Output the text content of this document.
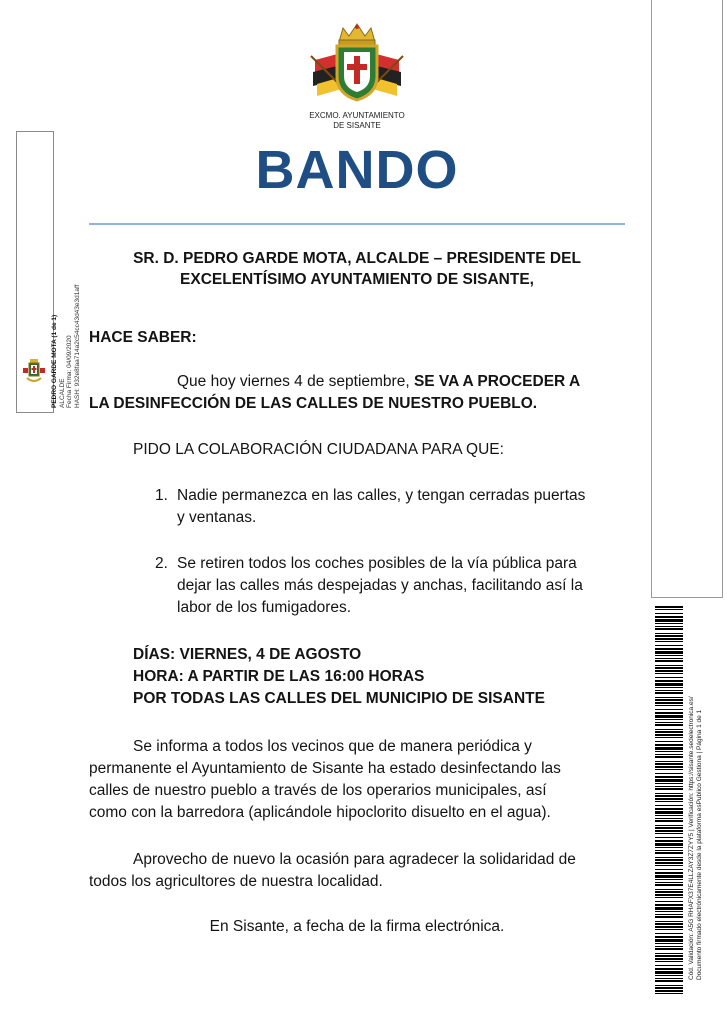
PEDRO GARDE MOTA (1 de 1) ALCALDE Fecha Firma: 04/09/2020 HASH: 932e8faa714a2c54cc43d43e3d1aff
EXCMO. AYUNTAMIENTO
DE SISANTE
BANDO
SR. D. PEDRO GARDE MOTA, ALCALDE – PRESIDENTE DEL
EXCELENTÍSIMO AYUNTAMIENTO DE SISANTE,
HACE SABER:
Que hoy viernes 4 de septiembre, SE VA A PROCEDER A
LA DESINFECCIÓN DE LAS CALLES DE NUESTRO PUEBLO.
PIDO LA COLABORACIÓN CIUDADANA PARA QUE:
1. Nadie permanezca en las calles, y tengan cerradas puertas
y ventanas.
2. Se retiren todos los coches posibles de la vía pública para
dejar las calles más despejadas y anchas, facilitando así la
labor de los fumigadores.
DÍAS: VIERNES, 4 DE AGOSTO
HORA: A PARTIR DE LAS 16:00 HORAS
POR TODAS LAS CALLES DEL MUNICIPIO DE SISANTE
Se informa a todos los vecinos que de manera periódica y
permanente el Ayuntamiento de Sisante ha estado desinfectando las
calles de nuestro pueblo a través de los operarios municipales, así
como con la barredora (aplicándole hipoclorito disuelto en el agua).
Aprovecho de nuevo la ocasión para agradecer la solidaridad de
todos los agricultores de nuestra localidad.
En Sisante, a fecha de la firma electrónica.	Cód. Validación: A5G RHAFX37E4LLZAY3Z7ZYY5 | Verificación: https://sisante.sedelectronica.es/ Documento firmado electrónicamente desde la plataforma esPublico Gestiona | Página 1 de 1
